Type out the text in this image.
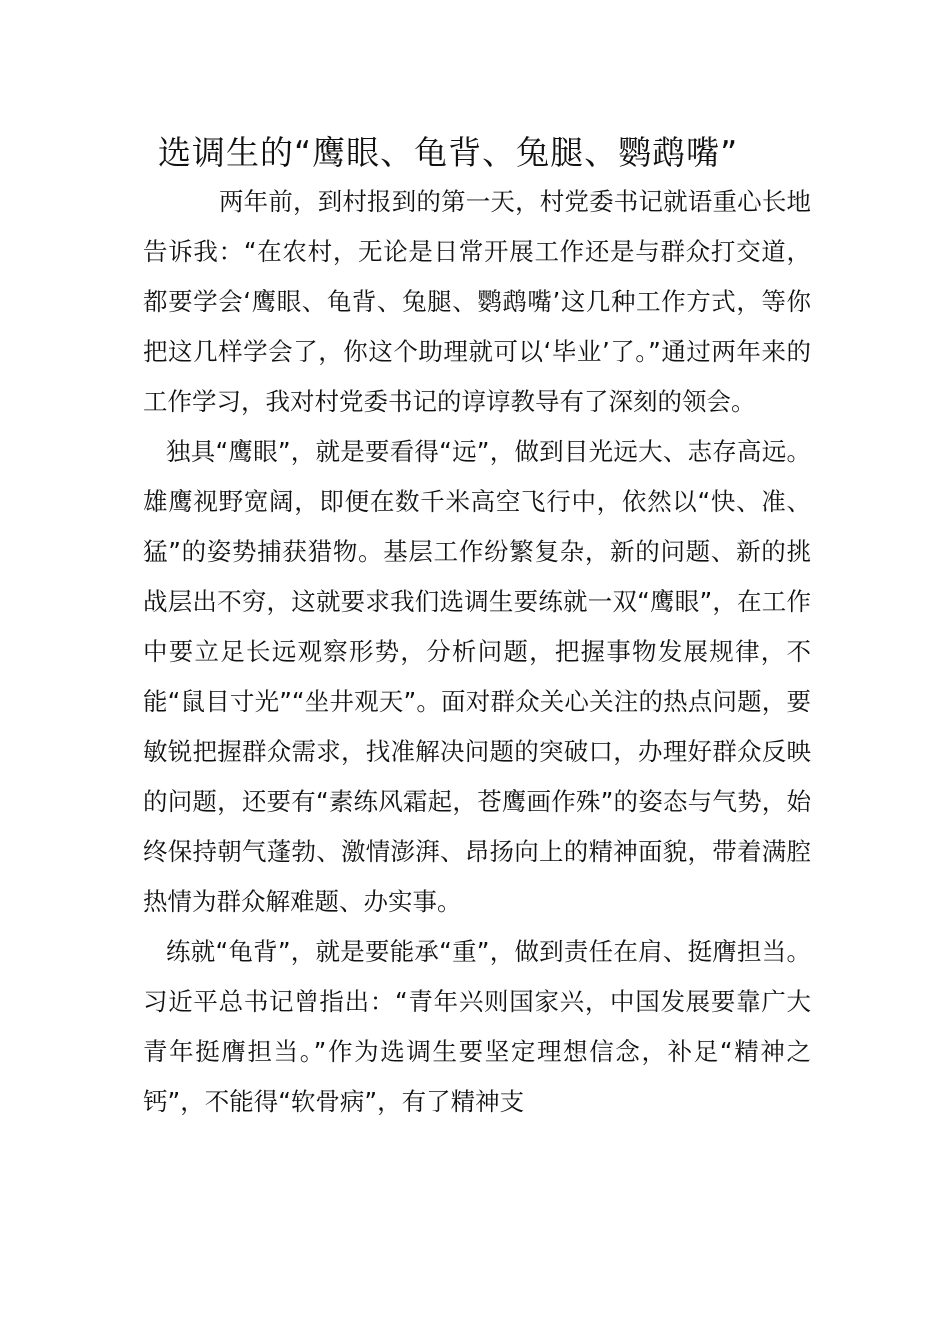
选调生的“鹰眼、龟背、兔腿、鹦鹉嘴”

两年前，到村报到的第一天，村党委书记就语重心长地告诉我：“在农村，无论是日常开展工作还是与群众打交道，都要学会‘鹰眼、龟背、兔腿、鹦鹉嘴’这几种工作方式，等你把这几样学会了，你这个助理就可以‘毕业’了。”通过两年来的工作学习，我对村党委书记的谆谆教导有了深刻的领会。

独具“鹰眼”，就是要看得“远”，做到目光远大、志存高远。雄鹰视野宽阔，即便在数千米高空飞行中，依然以“快、准、猛”的姿势捕获猎物。基层工作纷繁复杂，新的问题、新的挑战层出不穷，这就要求我们选调生要练就一双“鹰眼”，在工作中要立足长远观察形势，分析问题，把握事物发展规律，不能“鼠目寸光”“坐井观天”。面对群众关心关注的热点问题，要敏锐把握群众需求，找准解决问题的突破口，办理好群众反映的问题，还要有“素练风霜起，苍鹰画作殊”的姿态与气势，始终保持朝气蓬勃、激情澎湃、昂扬向上的精神面貌，带着满腔热情为群众解难题、办实事。

练就“龟背”，就是要能承“重”，做到责任在肩、挺膺担当。习近平总书记曾指出：“青年兴则国家兴，中国发展要靠广大青年挺膺担当。”作为选调生要坚定理想信念，补足“精神之钙”，不能得“软骨病”，有了精神支
